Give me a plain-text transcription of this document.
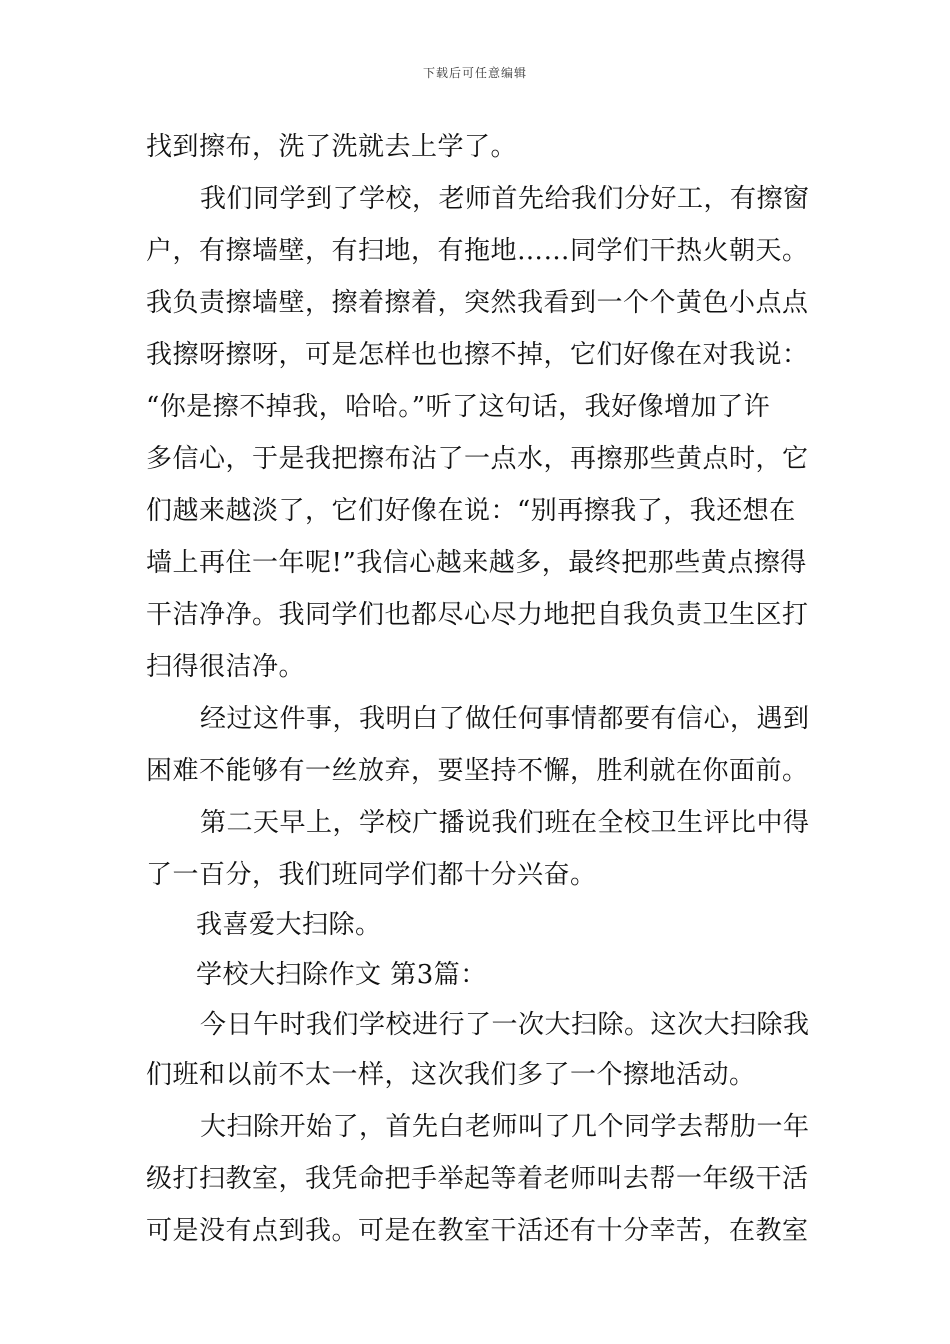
下载后可任意编辑
找到擦布，洗了洗就去上学了。
我们同学到了学校，老师首先给我们分好工，有擦窗
户，有擦墙壁，有扫地，有拖地……同学们干热火朝天。
我负责擦墙壁，擦着擦着，突然我看到一个个黄色小点点
我擦呀擦呀，可是怎样也也擦不掉，它们好像在对我说：
“你是擦不掉我，哈哈。”听了这句话，我好像增加了许
多信心，于是我把擦布沾了一点水，再擦那些黄点时，它
们越来越淡了，它们好像在说：“别再擦我了，我还想在
墙上再住一年呢!”我信心越来越多，最终把那些黄点擦得
干洁净净。我同学们也都尽心尽力地把自我负责卫生区打
扫得很洁净。
经过这件事，我明白了做任何事情都要有信心，遇到
困难不能够有一丝放弃，要坚持不懈，胜利就在你面前。
第二天早上，学校广播说我们班在全校卫生评比中得
了一百分，我们班同学们都十分兴奋。
我喜爱大扫除。
学校大扫除作文 第3篇：
今日午时我们学校进行了一次大扫除。这次大扫除我
们班和以前不太一样，这次我们多了一个擦地活动。
大扫除开始了，首先白老师叫了几个同学去帮肋一年
级打扫教室，我凭命把手举起等着老师叫去帮一年级干活
可是没有点到我。可是在教室干活还有十分幸苦，在教室
